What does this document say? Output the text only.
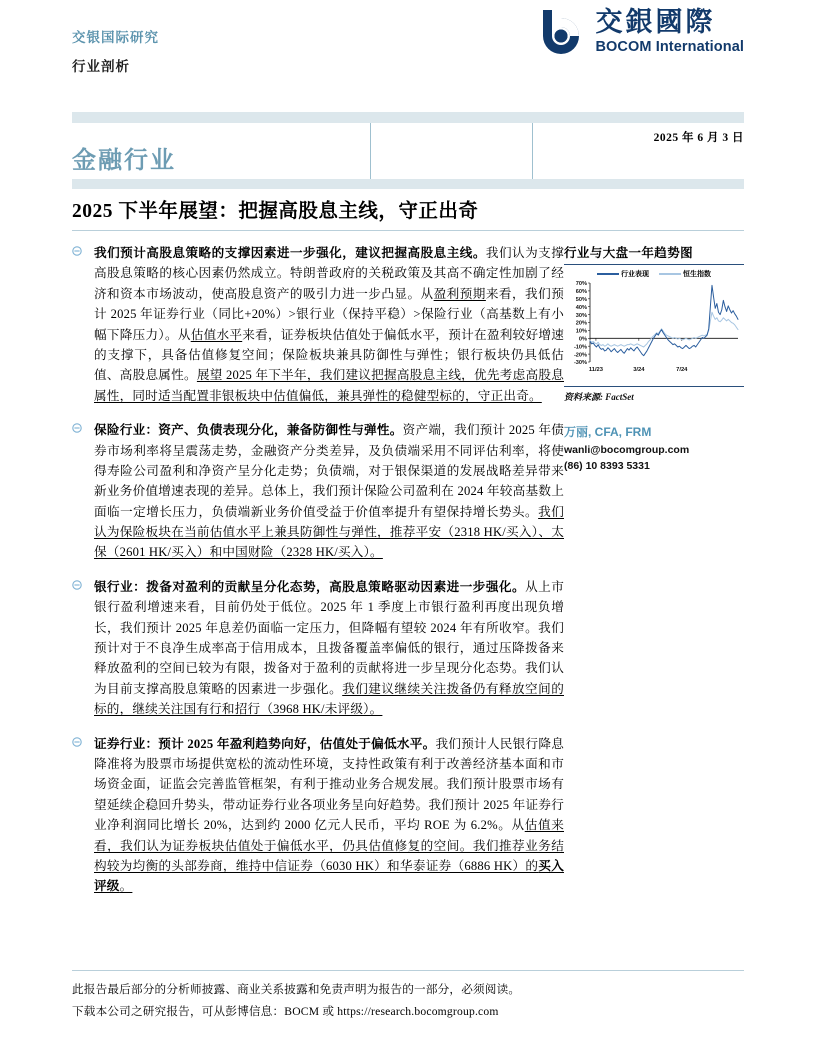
交银国际研究
行业剖析
交銀國際
BOCOM International
金融行业
2025 年 6 月 3 日
2025 下半年展望：把握高股息主线，守正出奇
我们预计高股息策略的支撑因素进一步强化，建议把握高股息主线。我们认为支撑高股息策略的核心因素仍然成立。特朗普政府的关税政策及其高不确定性加剧了经济和资本市场波动，使高股息资产的吸引力进一步凸显。从盈利预期来看，我们预计 2025 年证券行业（同比+20%）>银行业（保持平稳）>保险行业（高基数上有小幅下降压力）。从估值水平来看，证券板块估值处于偏低水平，预计在盈利较好增速的支撑下，具备估值修复空间；保险板块兼具防御性与弹性；银行板块仍具低估值、高股息属性。展望 2025 年下半年，我们建议把握高股息主线，优先考虑高股息属性，同时适当配置非银板块中估值偏低，兼具弹性的稳健型标的，守正出奇。
保险行业：资产、负债表现分化，兼备防御性与弹性。资产端，我们预计 2025 年债券市场利率将呈震荡走势，金融资产分类差异，及负债端采用不同评估利率，将使得寿险公司盈利和净资产呈分化走势；负债端，对于银保渠道的发展战略差异带来新业务价值增速表现的差异。总体上，我们预计保险公司盈利在 2024 年较高基数上面临一定增长压力，负债端新业务价值受益于价值率提升有望保持增长势头。我们认为保险板块在当前估值水平上兼具防御性与弹性，推荐平安（2318 HK/买入）、太保（2601 HK/买入）和中国财险（2328 HK/买入）。
银行业：拨备对盈利的贡献呈分化态势，高股息策略驱动因素进一步强化。从上市银行盈利增速来看，目前仍处于低位。2025 年 1 季度上市银行盈利再度出现负增长，我们预计 2025 年息差仍面临一定压力，但降幅有望较 2024 年有所收窄。我们预计对于不良净生成率高于信用成本，且拨备覆盖率偏低的银行，通过压降拨备来释放盈利的空间已较为有限，拨备对于盈利的贡献将进一步呈现分化态势。我们认为目前支撑高股息策略的因素进一步强化。我们建议继续关注拨备仍有释放空间的标的，继续关注国有行和招行（3968 HK/未评级）。
证券行业：预计 2025 年盈利趋势向好，估值处于偏低水平。我们预计人民银行降息降准将为股票市场提供宽松的流动性环境，支持性政策有利于改善经济基本面和市场资金面，证监会完善监管框架，有利于推动业务合规发展。我们预计股票市场有望延续企稳回升势头，带动证券行业各项业务呈向好趋势。我们预计 2025 年证券行业净利润同比增长 20%，达到约 2000 亿元人民币，平均 ROE 为 6.2%。从估值来看，我们认为证券板块估值处于偏低水平，仍具估值修复的空间。我们推荐业务结构较为均衡的头部券商，维持中信证券（6030 HK）和华泰证券（6886 HK）的买入评级。
行业与大盘一年趋势图
行业表现	恒生指数
-30%
-20%
-10%
0%
10%
20%
30%
40%
50%
60%
70%
11/23	3/24	7/24
资料来源: FactSet
万丽, CFA, FRM
wanli@bocomgroup.com
(86) 10 8393 5331
此报告最后部分的分析师披露、商业关系披露和免责声明为报告的一部分，必须阅读。
下载本公司之研究报告，可从彭博信息：BOCM 或 https://research.bocomgroup.com
